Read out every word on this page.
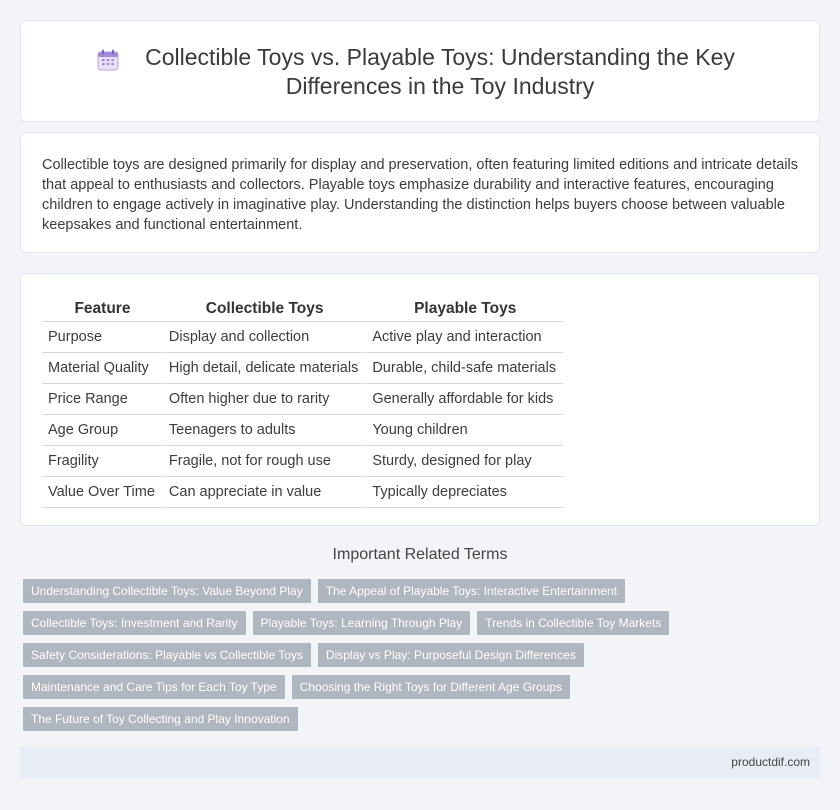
Collectible Toys vs. Playable Toys: Understanding the Key Differences in the Toy Industry

Collectible toys are designed primarily for display and preservation, often featuring limited editions and intricate details that appeal to enthusiasts and collectors. Playable toys emphasize durability and interactive features, encouraging children to engage actively in imaginative play. Understanding the distinction helps buyers choose between valuable keepsakes and functional entertainment.

Feature	Collectible Toys	Playable Toys
Purpose	Display and collection	Active play and interaction
Material Quality	High detail, delicate materials	Durable, child-safe materials
Price Range	Often higher due to rarity	Generally affordable for kids
Age Group	Teenagers to adults	Young children
Fragility	Fragile, not for rough use	Sturdy, designed for play
Value Over Time	Can appreciate in value	Typically depreciates
Important Related Terms
Understanding Collectible Toys: Value Beyond Play	The Appeal of Playable Toys: Interactive Entertainment
Collectible Toys: Investment and Rarity	Playable Toys: Learning Through Play	Trends in Collectible Toy Markets
Safety Considerations: Playable vs Collectible Toys	Display vs Play: Purposeful Design Differences
Maintenance and Care Tips for Each Toy Type	Choosing the Right Toys for Different Age Groups
The Future of Toy Collecting and Play Innovation
productdif.com
